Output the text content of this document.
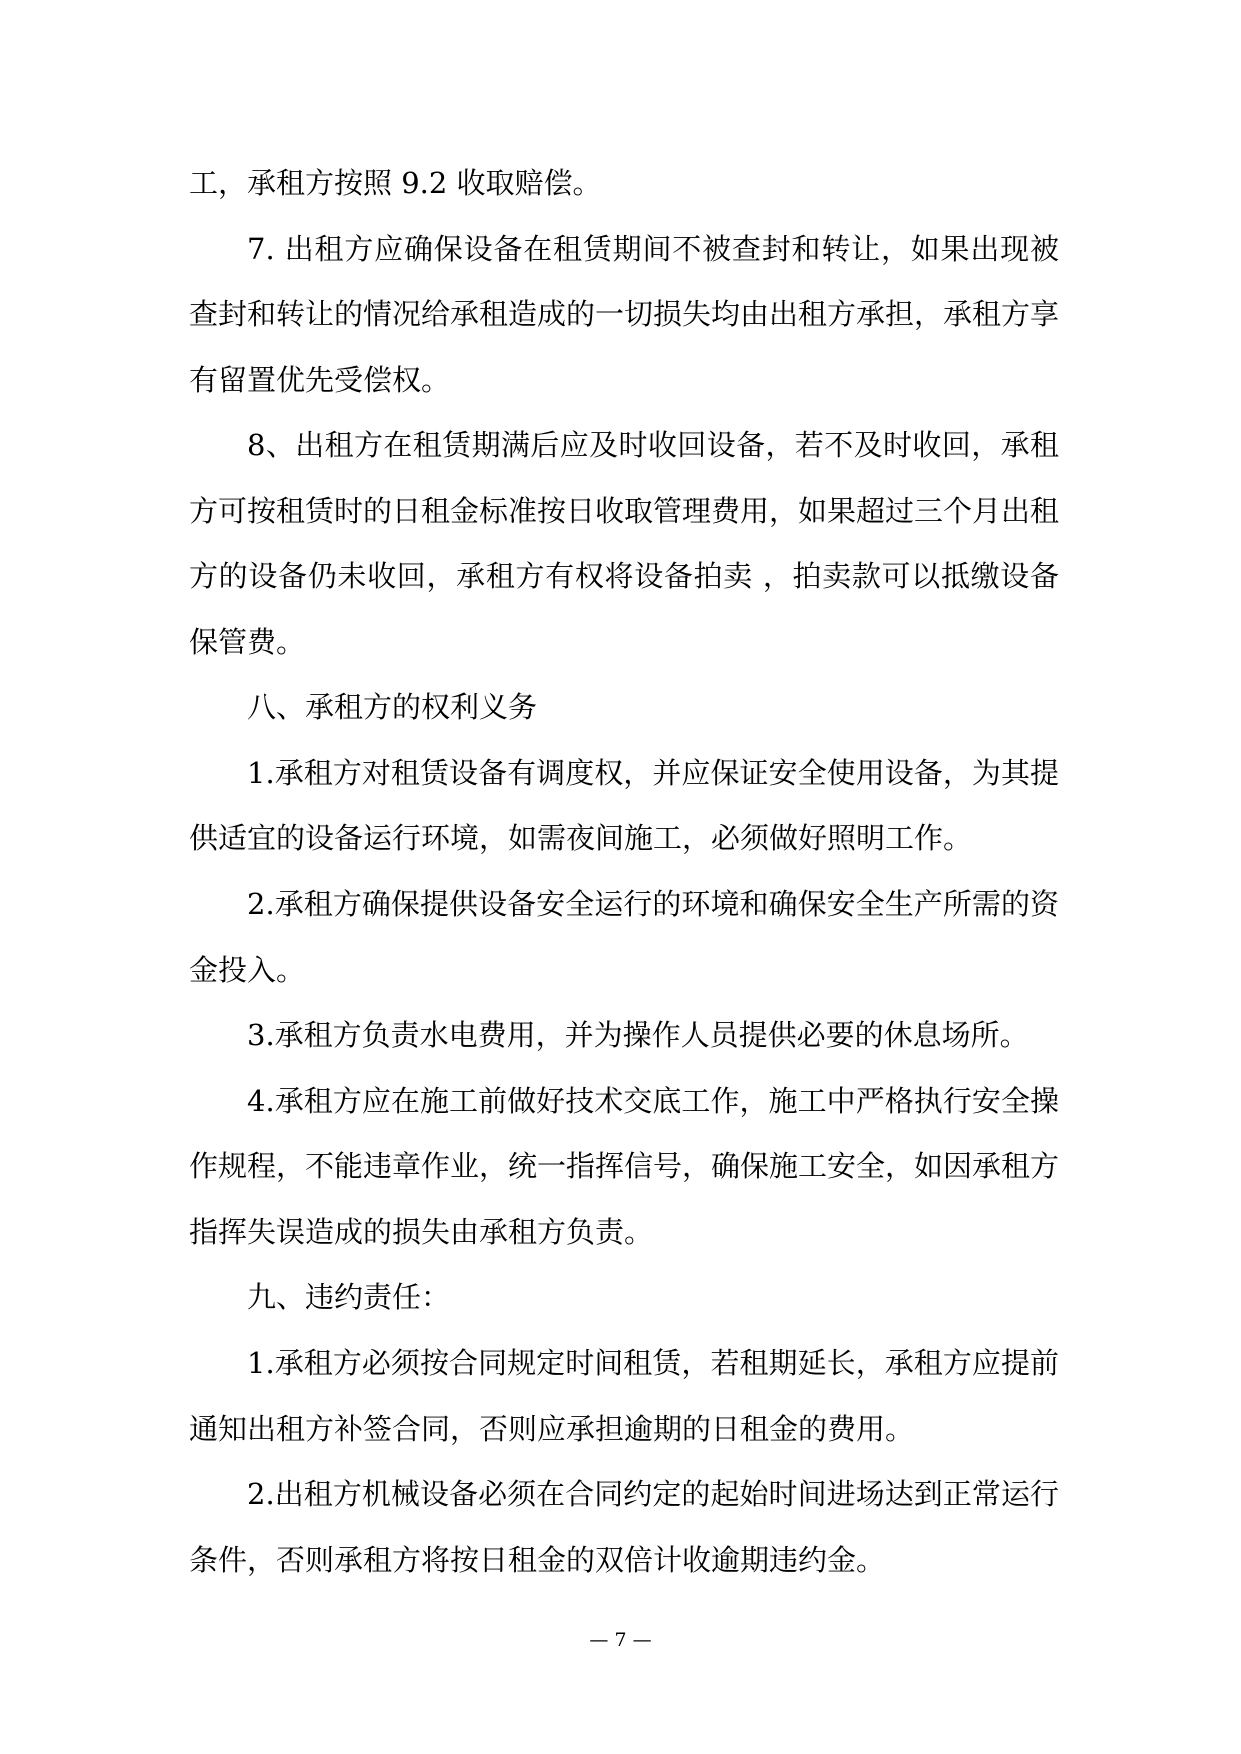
工，承租方按照 9.2 收取赔偿。
7. 出租方应确保设备在租赁期间不被查封和转让，如果出现被
查封和转让的情况给承租造成的一切损失均由出租方承担，承租方享
有留置优先受偿权。
8、出租方在租赁期满后应及时收回设备，若不及时收回，承租
方可按租赁时的日租金标准按日收取管理费用，如果超过三个月出租
方的设备仍未收回，承租方有权将设备拍卖 ，拍卖款可以抵缴设备
保管费。
八、承租方的权利义务
1.承租方对租赁设备有调度权，并应保证安全使用设备，为其提
供适宜的设备运行环境，如需夜间施工，必须做好照明工作。
2.承租方确保提供设备安全运行的环境和确保安全生产所需的资
金投入。
3.承租方负责水电费用，并为操作人员提供必要的休息场所。
4.承租方应在施工前做好技术交底工作，施工中严格执行安全操
作规程，不能违章作业，统一指挥信号，确保施工安全，如因承租方
指挥失误造成的损失由承租方负责。
九、违约责任：
1.承租方必须按合同规定时间租赁，若租期延长，承租方应提前
通知出租方补签合同，否则应承担逾期的日租金的费用。
2.出租方机械设备必须在合同约定的起始时间进场达到正常运行
条件，否则承租方将按日租金的双倍计收逾期违约金。
— 7 —
